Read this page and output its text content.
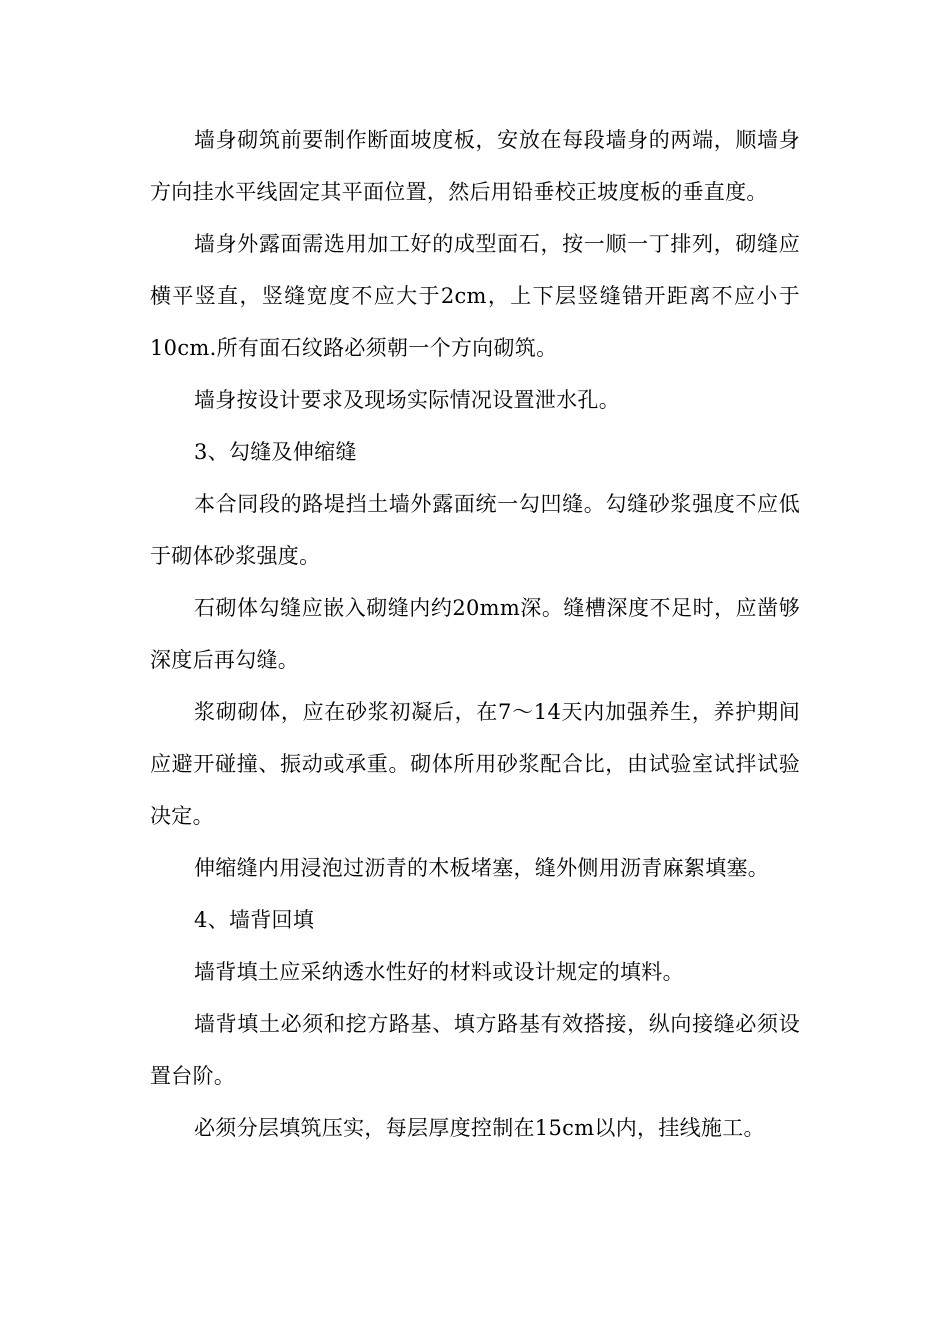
墙身砌筑前要制作断面坡度板，安放在每段墙身的两端，顺墙身方向挂水平线固定其平面位置，然后用铅垂校正坡度板的垂直度。

墙身外露面需选用加工好的成型面石，按一顺一丁排列，砌缝应横平竖直，竖缝宽度不应大于2cm，上下层竖缝错开距离不应小于10cm.所有面石纹路必须朝一个方向砌筑。

墙身按设计要求及现场实际情况设置泄水孔。

3、勾缝及伸缩缝

本合同段的路堤挡土墙外露面统一勾凹缝。勾缝砂浆强度不应低于砌体砂浆强度。

石砌体勾缝应嵌入砌缝内约20mm深。缝槽深度不足时，应凿够深度后再勾缝。

浆砌砌体，应在砂浆初凝后，在7～14天内加强养生，养护期间应避开碰撞、振动或承重。砌体所用砂浆配合比，由试验室试拌试验决定。

伸缩缝内用浸泡过沥青的木板堵塞，缝外侧用沥青麻絮填塞。

4、墙背回填

墙背填土应采纳透水性好的材料或设计规定的填料。

墙背填土必须和挖方路基、填方路基有效搭接，纵向接缝必须设置台阶。

必须分层填筑压实，每层厚度控制在15cm以内，挂线施工。
